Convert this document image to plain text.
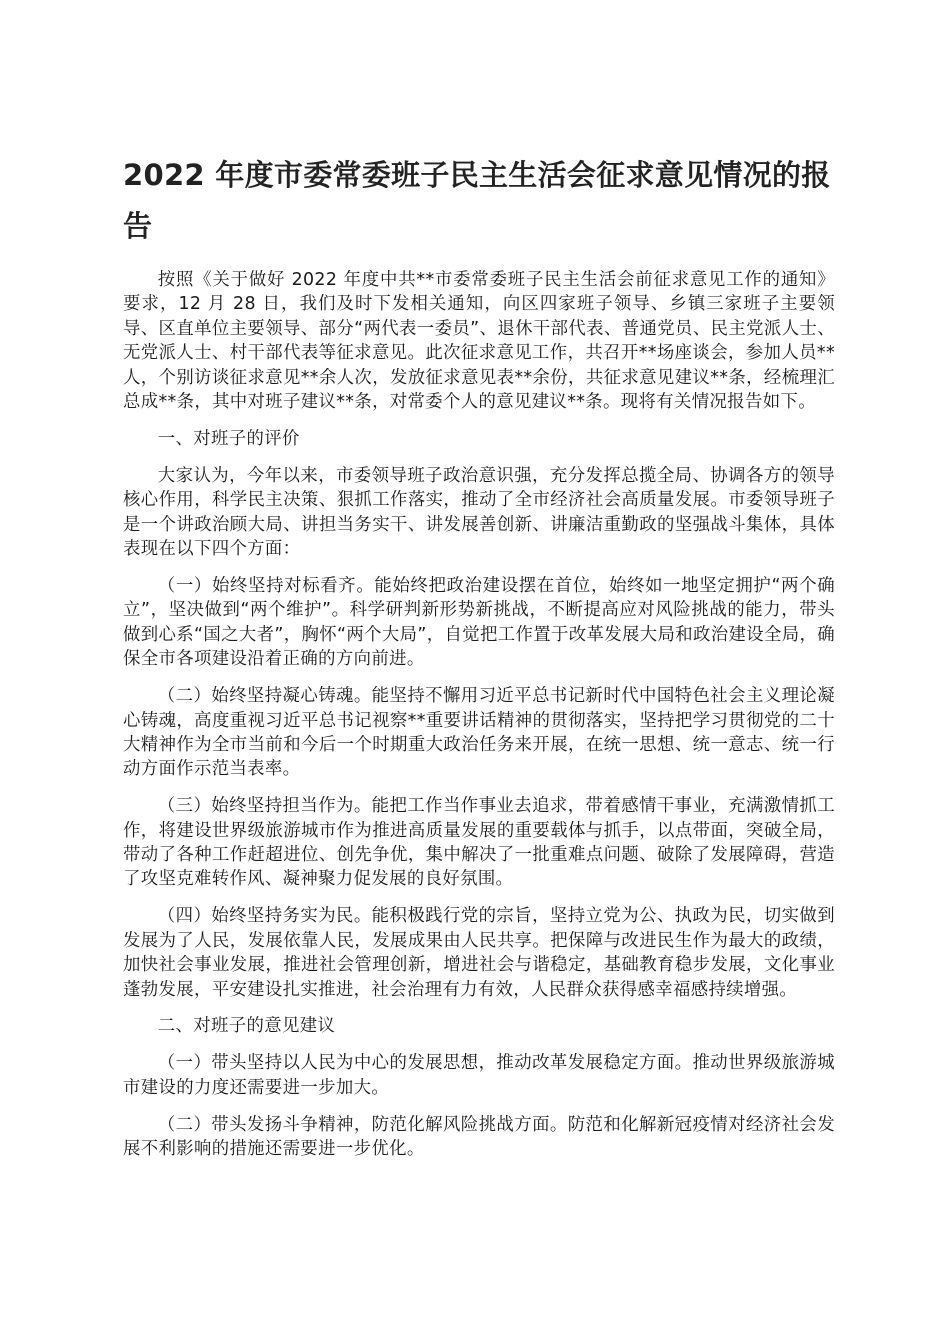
2022 年度市委常委班子民主生活会征求意见情况的报告

按照《关于做好 2022 年度中共**市委常委班子民主生活会前征求意见工作的通知》要求，12 月 28 日，我们及时下发相关通知，向区四家班子领导、乡镇三家班子主要领导、区直单位主要领导、部分“两代表一委员”、退休干部代表、普通党员、民主党派人士、无党派人士、村干部代表等征求意见。此次征求意见工作，共召开**场座谈会，参加人员**人，个别访谈征求意见**余人次，发放征求意见表**余份，共征求意见建议**条，经梳理汇总成**条，其中对班子建议**条，对常委个人的意见建议**条。现将有关情况报告如下。

一、对班子的评价

大家认为，今年以来，市委领导班子政治意识强，充分发挥总揽全局、协调各方的领导核心作用，科学民主决策、狠抓工作落实，推动了全市经济社会高质量发展。市委领导班子是一个讲政治顾大局、讲担当务实干、讲发展善创新、讲廉洁重勤政的坚强战斗集体，具体表现在以下四个方面：

（一）始终坚持对标看齐。能始终把政治建设摆在首位，始终如一地坚定拥护“两个确立”，坚决做到“两个维护”。科学研判新形势新挑战，不断提高应对风险挑战的能力，带头做到心系“国之大者”，胸怀“两个大局”，自觉把工作置于改革发展大局和政治建设全局，确保全市各项建设沿着正确的方向前进。

（二）始终坚持凝心铸魂。能坚持不懈用习近平总书记新时代中国特色社会主义理论凝心铸魂，高度重视习近平总书记视察**重要讲话精神的贯彻落实，坚持把学习贯彻党的二十大精神作为全市当前和今后一个时期重大政治任务来开展，在统一思想、统一意志、统一行动方面作示范当表率。

（三）始终坚持担当作为。能把工作当作事业去追求，带着感情干事业，充满激情抓工作，将建设世界级旅游城市作为推进高质量发展的重要载体与抓手，以点带面，突破全局，带动了各种工作赶超进位、创先争优，集中解决了一批重难点问题、破除了发展障碍，营造了攻坚克难转作风、凝神聚力促发展的良好氛围。

（四）始终坚持务实为民。能积极践行党的宗旨，坚持立党为公、执政为民，切实做到发展为了人民，发展依靠人民，发展成果由人民共享。把保障与改进民生作为最大的政绩，加快社会事业发展，推进社会管理创新，增进社会与谐稳定，基础教育稳步发展，文化事业蓬勃发展，平安建设扎实推进，社会治理有力有效，人民群众获得感幸福感持续增强。

二、对班子的意见建议

（一）带头坚持以人民为中心的发展思想，推动改革发展稳定方面。推动世界级旅游城市建设的力度还需要进一步加大。

（二）带头发扬斗争精神，防范化解风险挑战方面。防范和化解新冠疫情对经济社会发展不利影响的措施还需要进一步优化。
